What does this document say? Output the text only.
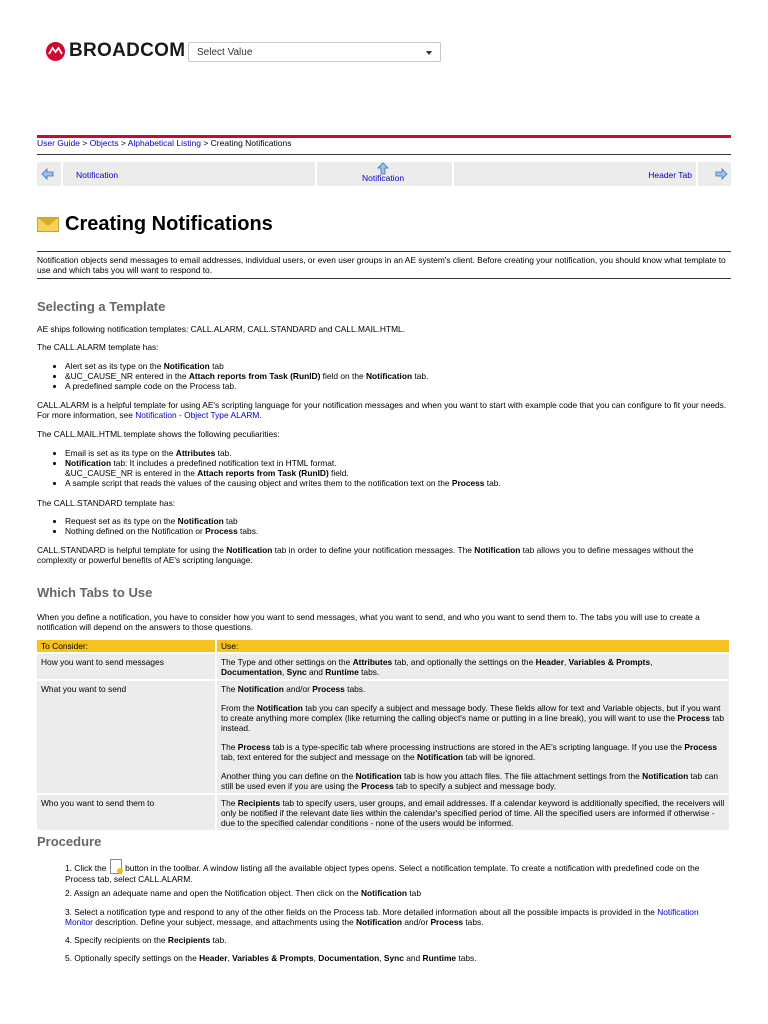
BROADCOM	Select Value
User Guide > Objects > Alphabetical Listing > Creating Notifications
Notification	Notification	Header Tab
Creating Notifications
Notification objects send messages to email addresses, individual users, or even user groups in an AE system's client. Before creating your notification, you should know what template to use and which tabs you will want to respond to.
Selecting a Template
AE ships following notification templates: CALL.ALARM, CALL.STANDARD and CALL.MAIL.HTML.
The CALL.ALARM template has:
• Alert set as its type on the Notification tab
• &UC_CAUSE_NR entered in the Attach reports from Task (RunID) field on the Notification tab.
• A predefined sample code on the Process tab.
CALL.ALARM is a helpful template for using AE's scripting language for your notification messages and when you want to start with example code that you can configure to fit your needs. For more information, see Notification - Object Type ALARM.
The CALL.MAIL.HTML template shows the following peculiarities:
• Email is set as its type on the Attributes tab.
• Notification tab: It includes a predefined notification text in HTML format.
&UC_CAUSE_NR is entered in the Attach reports from Task (RunID) field.
• A sample script that reads the values of the causing object and writes them to the notification text on the Process tab.
The CALL.STANDARD template has:
• Request set as its type on the Notification tab
• Nothing defined on the Notification or Process tabs.
CALL.STANDARD is helpful template for using the Notification tab in order to define your notification messages. The Notification tab allows you to define messages without the complexity or powerful benefits of AE's scripting language.
Which Tabs to Use
When you define a notification, you have to consider how you want to send messages, what you want to send, and who you want to send them to. The tabs you will use to create a notification will depend on the answers to those questions.
To Consider:	Use:
How you want to send messages	The Type and other settings on the Attributes tab, and optionally the settings on the Header, Variables & Prompts,
Documentation, Sync and Runtime tabs.
What you want to send	The Notification and/or Process tabs.

From the Notification tab you can specify a subject and message body. These fields allow for text and Variable objects, but if you want to create anything more complex (like returning the calling object's name or putting in a line break), you will want to use the Process tab instead.

The Process tab is a type-specific tab where processing instructions are stored in the AE's scripting language. If you use the Process tab, text entered for the subject and message on the Notification tab will be ignored.

Another thing you can define on the Notification tab is how you attach files. The file attachment settings from the Notification tab can still be used even if you are using the Process tab to specify a subject and message body.

Who you want to send them to	The Recipients tab to specify users, user groups, and email addresses. If a calendar keyword is additionally specified, the receivers will only be notified if the relevant date lies within the calendar's specified period of time. All the specified users are informed if otherwise - due to the specified calendar conditions - none of the users would be informed.
Procedure
1. Click the  button in the toolbar. A window listing all the available object types opens. Select a notification template. To create a notification with predefined code on the Process tab, select CALL.ALARM.
2. Assign an adequate name and open the Notification object. Then click on the Notification tab
3. Select a notification type and respond to any of the other fields on the Process tab. More detailed information about all the possible impacts is provided in the Notification Monitor description. Define your subject, message, and attachments using the Notification and/or Process tabs.
4. Specify recipients on the Recipients tab.
5. Optionally specify settings on the Header, Variables & Prompts, Documentation, Sync and Runtime tabs.
